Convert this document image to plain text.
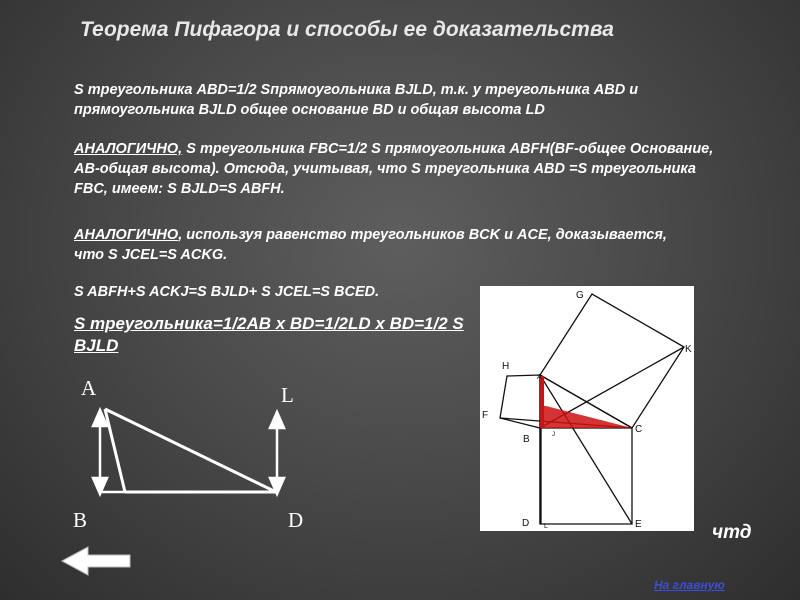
Теорема Пифагора и способы ее доказательства
S треугольника ABD=1/2 Sпрямоугольника BJLD, т.к. у треугольника ABD и прямоугольника BJLD общее основание BD и общая высота LD
АНАЛОГИЧНО, S треугольника FBC=1/2 S прямоугольника ABFH(BF-общее Основание, AB-общая высота). Отсюда, учитывая, что S треугольника ABD =S треугольника FBC, имеем: S BJLD=S ABFH.
АНАЛОГИЧНО, используя равенство треугольников BCK и ACE, доказывается, что S JCEL=S ACKG.
S ABFH+S ACKJ=S BJLD+ S JCEL=S BCED.
S треугольника=1/2AB x BD=1/2LD x BD=1/2 S BJLD
A	L
B	D
G
K
H
A
F
B	J	C
D L	E	чтд
На главную
